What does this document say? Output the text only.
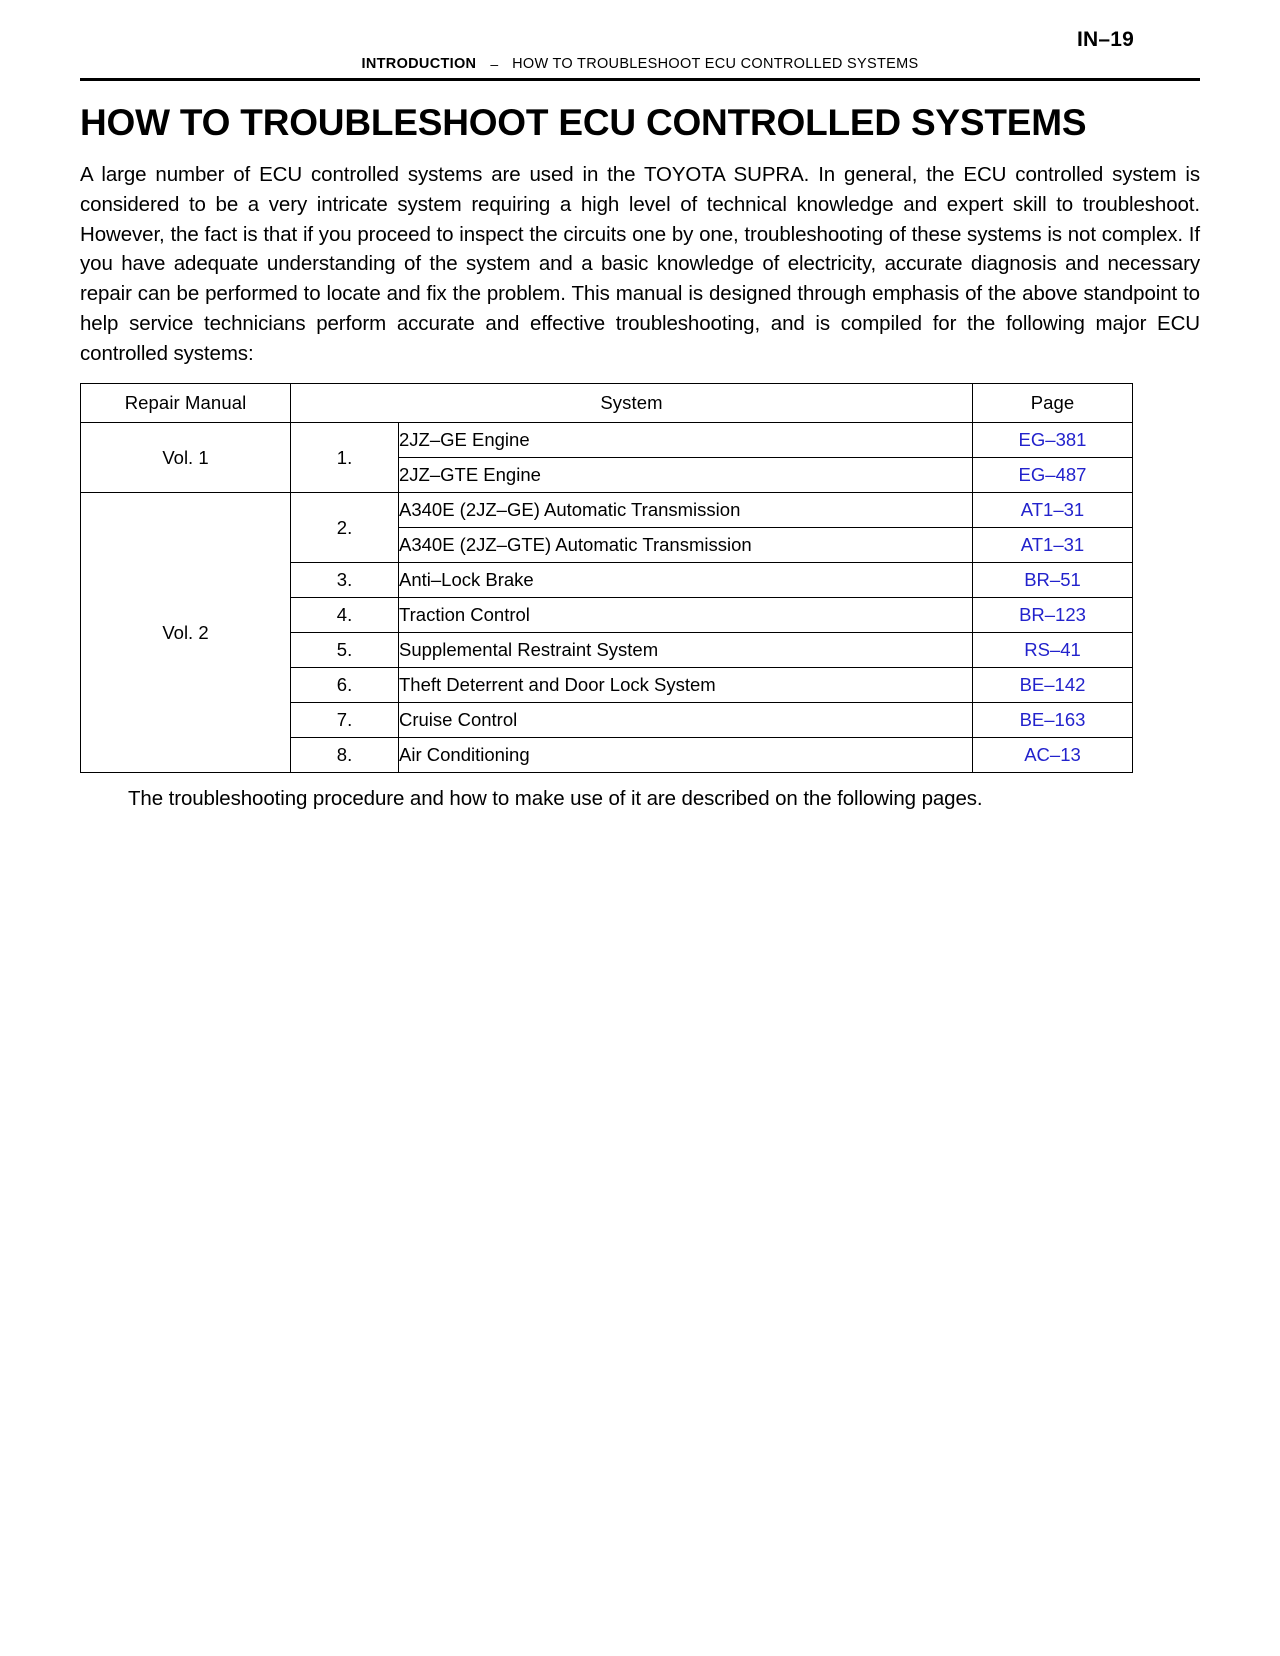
IN–19
INTRODUCTION – HOW TO TROUBLESHOOT ECU CONTROLLED SYSTEMS
HOW TO TROUBLESHOOT ECU CONTROLLED SYSTEMS

A large number of ECU controlled systems are used in the TOYOTA SUPRA. In general, the ECU controlled system is considered to be a very intricate system requiring a high level of technical knowledge and expert skill to troubleshoot. However, the fact is that if you proceed to inspect the circuits one by one, troubleshooting of these systems is not complex. If you have adequate understanding of the system and a basic knowledge of electricity, accurate diagnosis and necessary repair can be performed to locate and fix the problem. This manual is designed through emphasis of the above standpoint to help service technicians perform accurate and effective troubleshooting, and is compiled for the following major ECU controlled systems:

Repair Manual	System		Page
Vol. 1	1.	2JZ–GE Engine	EG–381
		2JZ–GTE Engine	EG–487
Vol. 2	2.	A340E (2JZ–GE) Automatic Transmission	AT1–31
		A340E (2JZ–GTE) Automatic Transmission	AT1–31
	3.	Anti–Lock Brake	BR–51
	4.	Traction Control	BR–123
	5.	Supplemental Restraint System	RS–41
	6.	Theft Deterrent and Door Lock System	BE–142
	7.	Cruise Control	BE–163
	8.	Air Conditioning	AC–13

The troubleshooting procedure and how to make use of it are described on the following pages.
